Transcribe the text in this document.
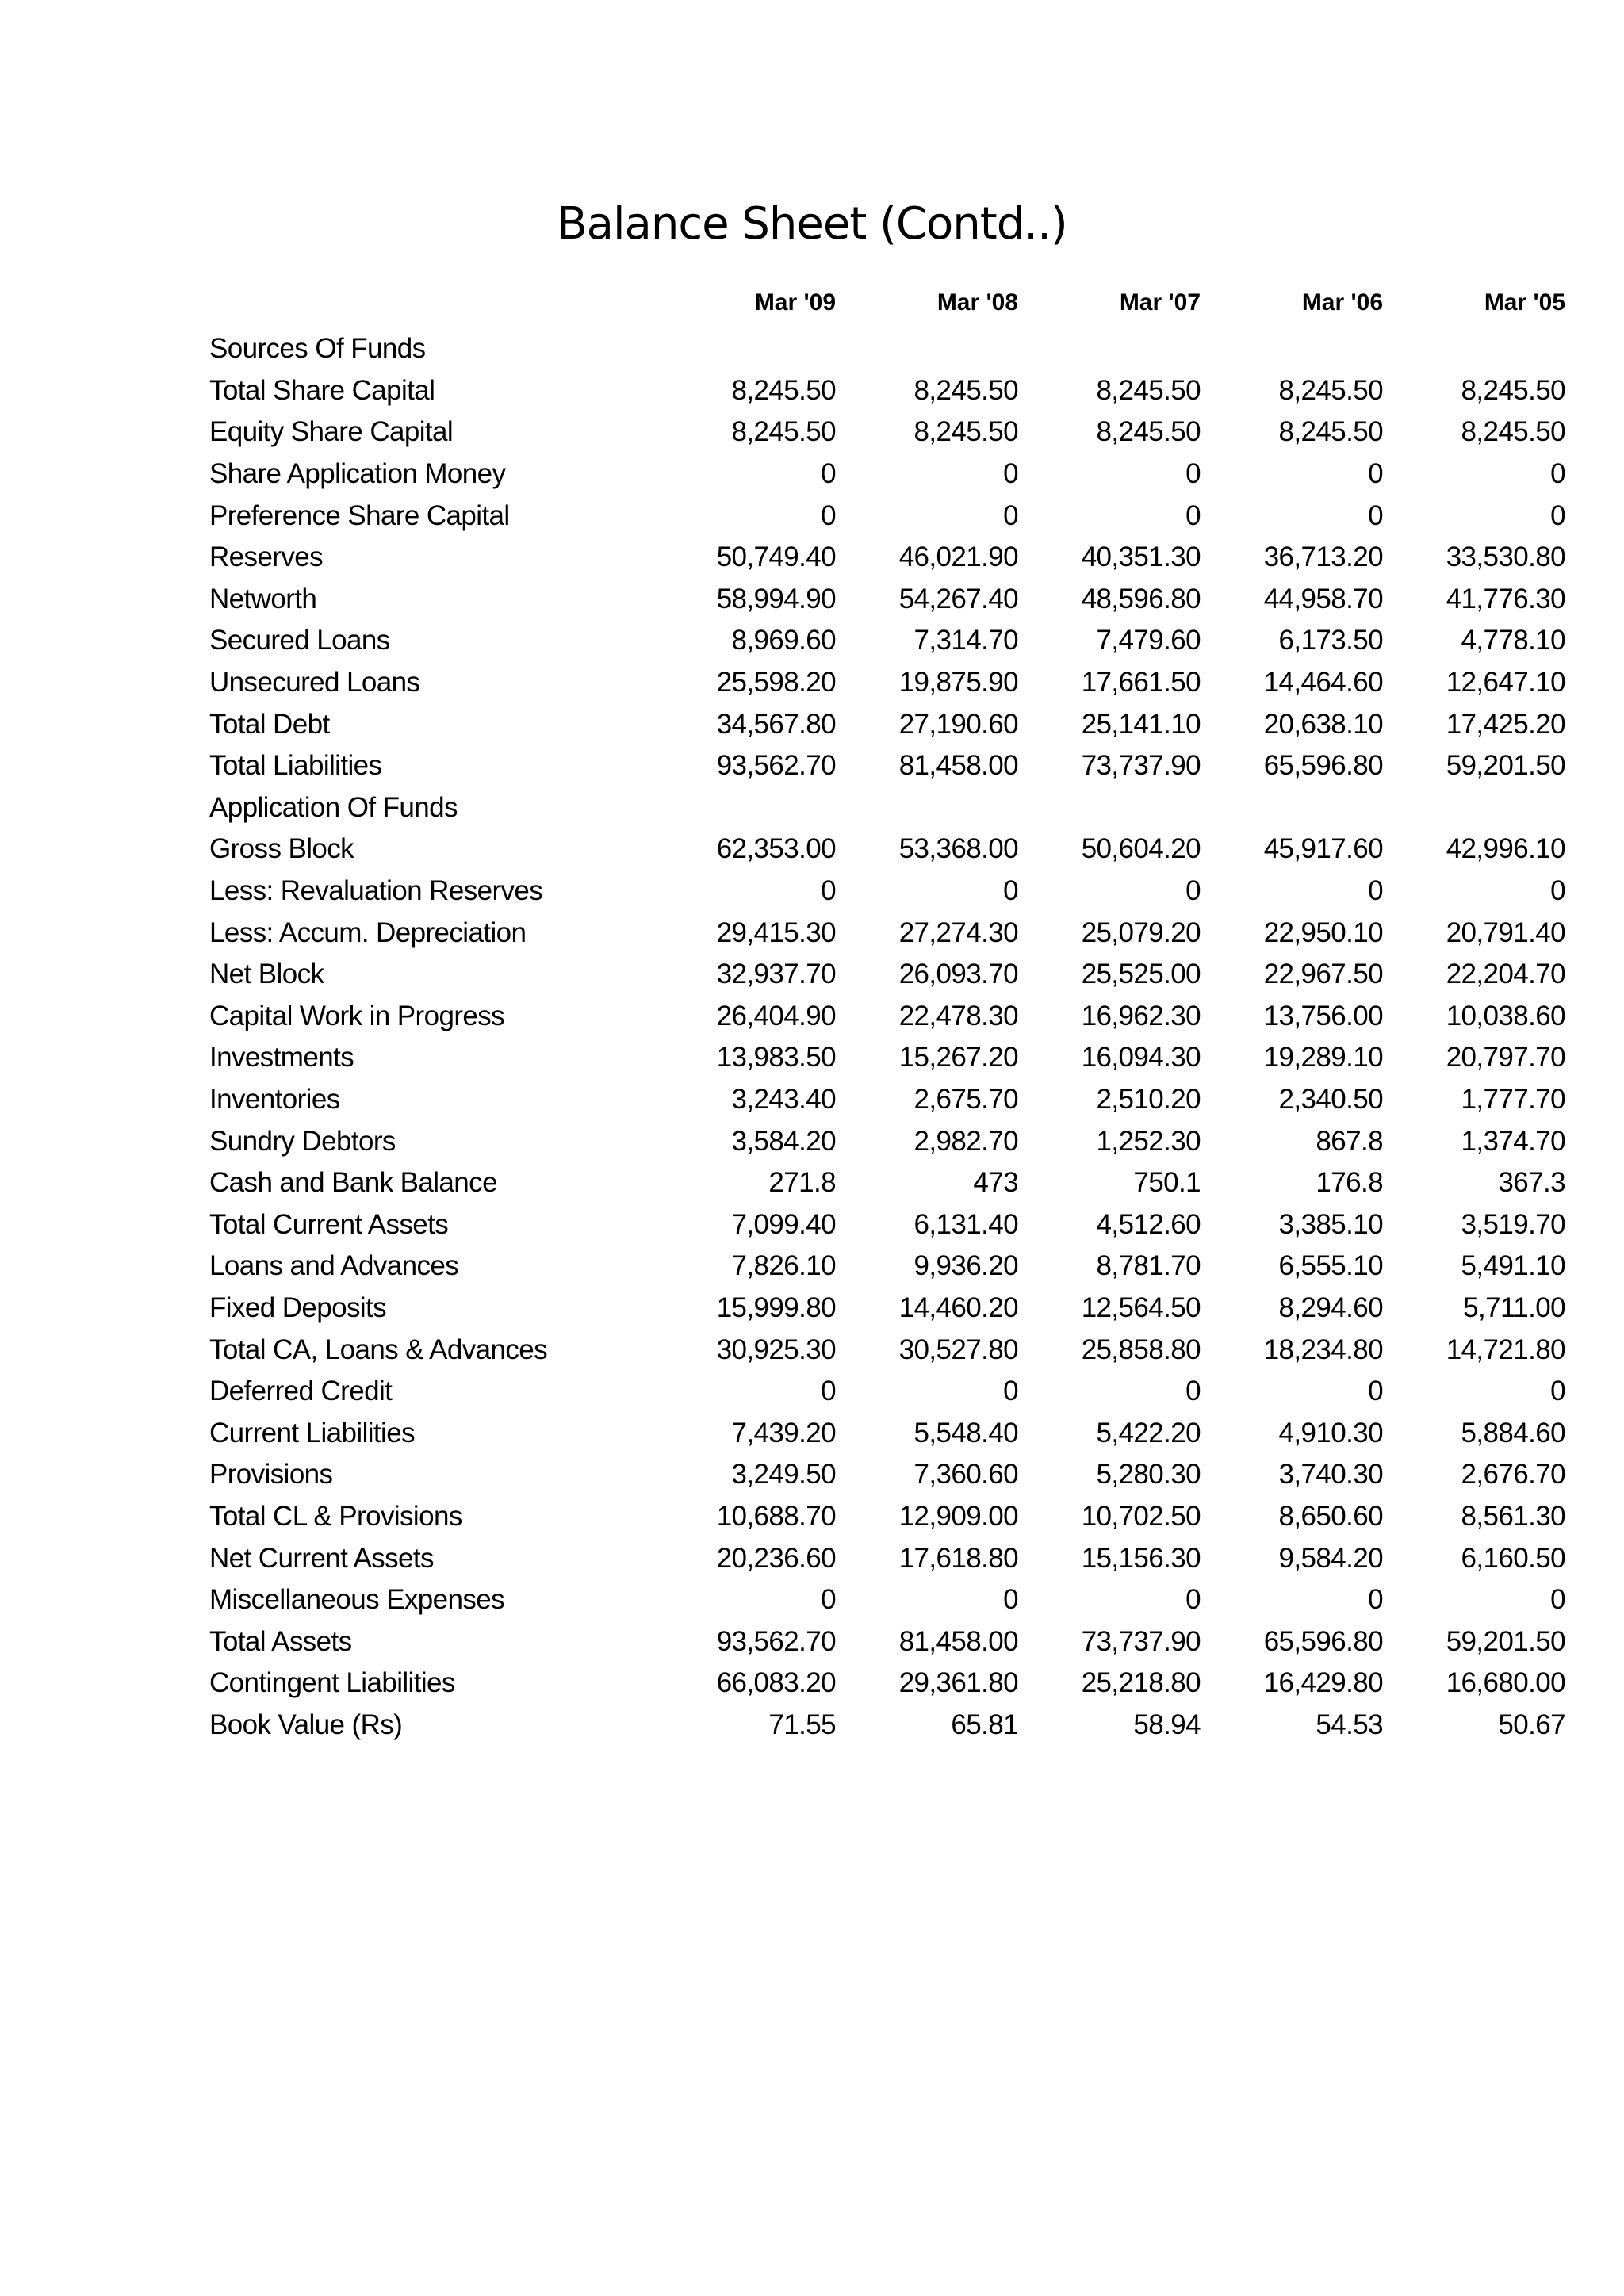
Balance Sheet (Contd..)
	Mar '09	Mar '08	Mar '07	Mar '06	Mar '05
Sources Of Funds					
Total Share Capital	8,245.50	8,245.50	8,245.50	8,245.50	8,245.50
Equity Share Capital	8,245.50	8,245.50	8,245.50	8,245.50	8,245.50
Share Application Money	0	0	0	0	0
Preference Share Capital	0	0	0	0	0
Reserves	50,749.40	46,021.90	40,351.30	36,713.20	33,530.80
Networth	58,994.90	54,267.40	48,596.80	44,958.70	41,776.30
Secured Loans	8,969.60	7,314.70	7,479.60	6,173.50	4,778.10
Unsecured Loans	25,598.20	19,875.90	17,661.50	14,464.60	12,647.10
Total Debt	34,567.80	27,190.60	25,141.10	20,638.10	17,425.20
Total Liabilities	93,562.70	81,458.00	73,737.90	65,596.80	59,201.50
Application Of Funds					
Gross Block	62,353.00	53,368.00	50,604.20	45,917.60	42,996.10
Less: Revaluation Reserves	0	0	0	0	0
Less: Accum. Depreciation	29,415.30	27,274.30	25,079.20	22,950.10	20,791.40
Net Block	32,937.70	26,093.70	25,525.00	22,967.50	22,204.70
Capital Work in Progress	26,404.90	22,478.30	16,962.30	13,756.00	10,038.60
Investments	13,983.50	15,267.20	16,094.30	19,289.10	20,797.70
Inventories	3,243.40	2,675.70	2,510.20	2,340.50	1,777.70
Sundry Debtors	3,584.20	2,982.70	1,252.30	867.8	1,374.70
Cash and Bank Balance	271.8	473	750.1	176.8	367.3
Total Current Assets	7,099.40	6,131.40	4,512.60	3,385.10	3,519.70
Loans and Advances	7,826.10	9,936.20	8,781.70	6,555.10	5,491.10
Fixed Deposits	15,999.80	14,460.20	12,564.50	8,294.60	5,711.00
Total CA, Loans & Advances	30,925.30	30,527.80	25,858.80	18,234.80	14,721.80
Deferred Credit	0	0	0	0	0
Current Liabilities	7,439.20	5,548.40	5,422.20	4,910.30	5,884.60
Provisions	3,249.50	7,360.60	5,280.30	3,740.30	2,676.70
Total CL & Provisions	10,688.70	12,909.00	10,702.50	8,650.60	8,561.30
Net Current Assets	20,236.60	17,618.80	15,156.30	9,584.20	6,160.50
Miscellaneous Expenses	0	0	0	0	0
Total Assets	93,562.70	81,458.00	73,737.90	65,596.80	59,201.50
Contingent Liabilities	66,083.20	29,361.80	25,218.80	16,429.80	16,680.00
Book Value (Rs)	71.55	65.81	58.94	54.53	50.67
